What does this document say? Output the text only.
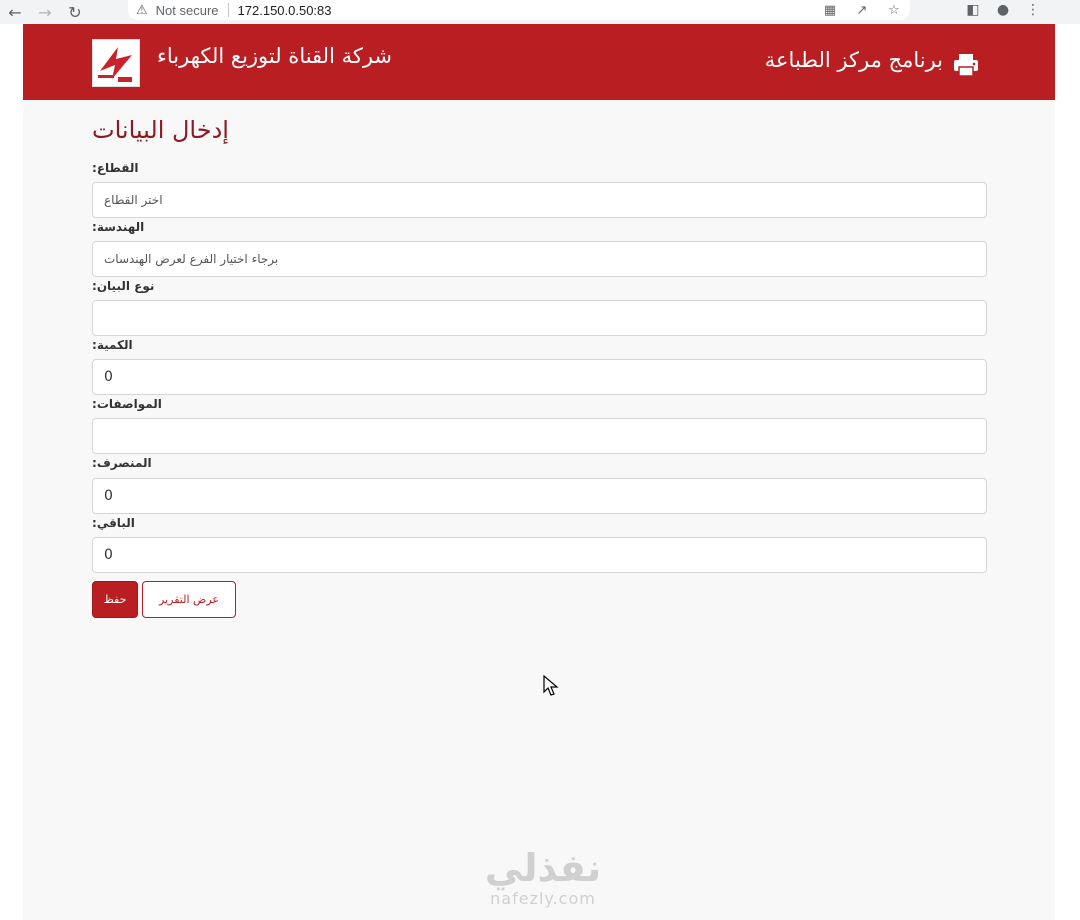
←	→	↻	⚠ Not secure 172.150.0.50:83	▦	↗	☆	◧	●	⋮
شركة القناة لتوزيع الكهرباء	برنامج مركز الطباعة
إدخال البيانات
:القطاع
اختر القطاع
:الهندسة
برجاء اختيار الفرع لعرض الهندسات
:نوع البيان
:الكمية
0
:المواصفات
:المنصرف
0
:الباقي
0
حفظ	عرض التقرير
نفذلي
nafezly.com
